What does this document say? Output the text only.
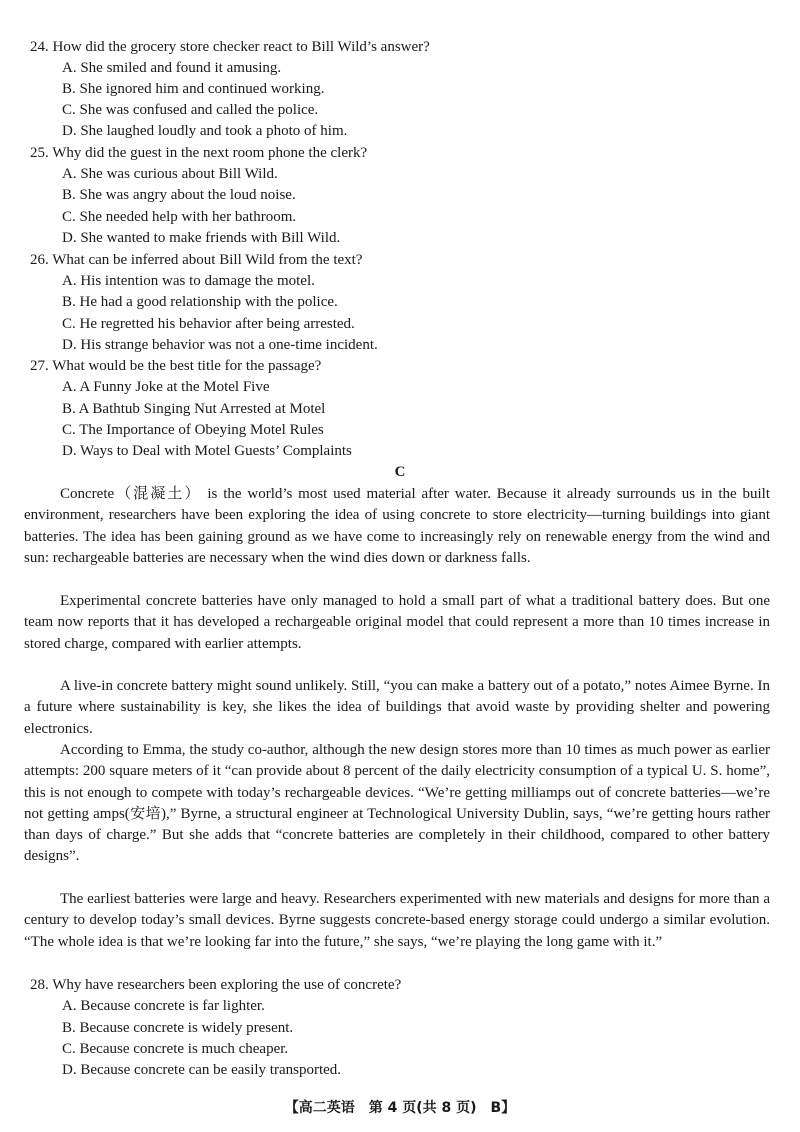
24. How did the grocery store checker react to Bill Wild’s answer?
A. She smiled and found it amusing.
B. She ignored him and continued working.
C. She was confused and called the police.
D. She laughed loudly and took a photo of him.
25. Why did the guest in the next room phone the clerk?
A. She was curious about Bill Wild.
B. She was angry about the loud noise.
C. She needed help with her bathroom.
D. She wanted to make friends with Bill Wild.
26. What can be inferred about Bill Wild from the text?
A. His intention was to damage the motel.
B. He had a good relationship with the police.
C. He regretted his behavior after being arrested.
D. His strange behavior was not a one-time incident.
27. What would be the best title for the passage?
A. A Funny Joke at the Motel Five
B. A Bathtub Singing Nut Arrested at Motel
C. The Importance of Obeying Motel Rules
D. Ways to Deal with Motel Guests’ Complaints
C
Concrete（混凝土） is the world’s most used material after water. Because it already surrounds us in the built environment, researchers have been exploring the idea of using concrete to store electricity—turning buildings into giant batteries. The idea has been gaining ground as we have come to increasingly rely on renewable energy from the wind and sun: rechargeable batteries are necessary when the wind dies down or darkness falls.
Experimental concrete batteries have only managed to hold a small part of what a traditional battery does. But one team now reports that it has developed a rechargeable original model that could represent a more than 10 times increase in stored charge, compared with earlier attempts.
A live-in concrete battery might sound unlikely. Still, “you can make a battery out of a potato,” notes Aimee Byrne. In a future where sustainability is key, she likes the idea of buildings that avoid waste by providing shelter and powering electronics.
According to Emma, the study co-author, although the new design stores more than 10 times as much power as earlier attempts: 200 square meters of it “can provide about 8 percent of the daily electricity consumption of a typical U. S. home”, this is not enough to compete with today’s rechargeable devices. “We’re getting milliamps out of concrete batteries—we’re not getting amps(安培),” Byrne, a structural engineer at Technological University Dublin, says, “we’re getting hours rather than days of charge.” But she adds that “concrete batteries are completely in their childhood, compared to other battery designs”.
The earliest batteries were large and heavy. Researchers experimented with new materials and designs for more than a century to develop today’s small devices. Byrne suggests concrete-based energy storage could undergo a similar evolution. “The whole idea is that we’re looking far into the future,” she says, “we’re playing the long game with it.”
28. Why have researchers been exploring the use of concrete?
A. Because concrete is far lighter.
B. Because concrete is widely present.
C. Because concrete is much cheaper.
D. Because concrete can be easily transported.
【高二英语　第 4 页(共 8 页)　B】
